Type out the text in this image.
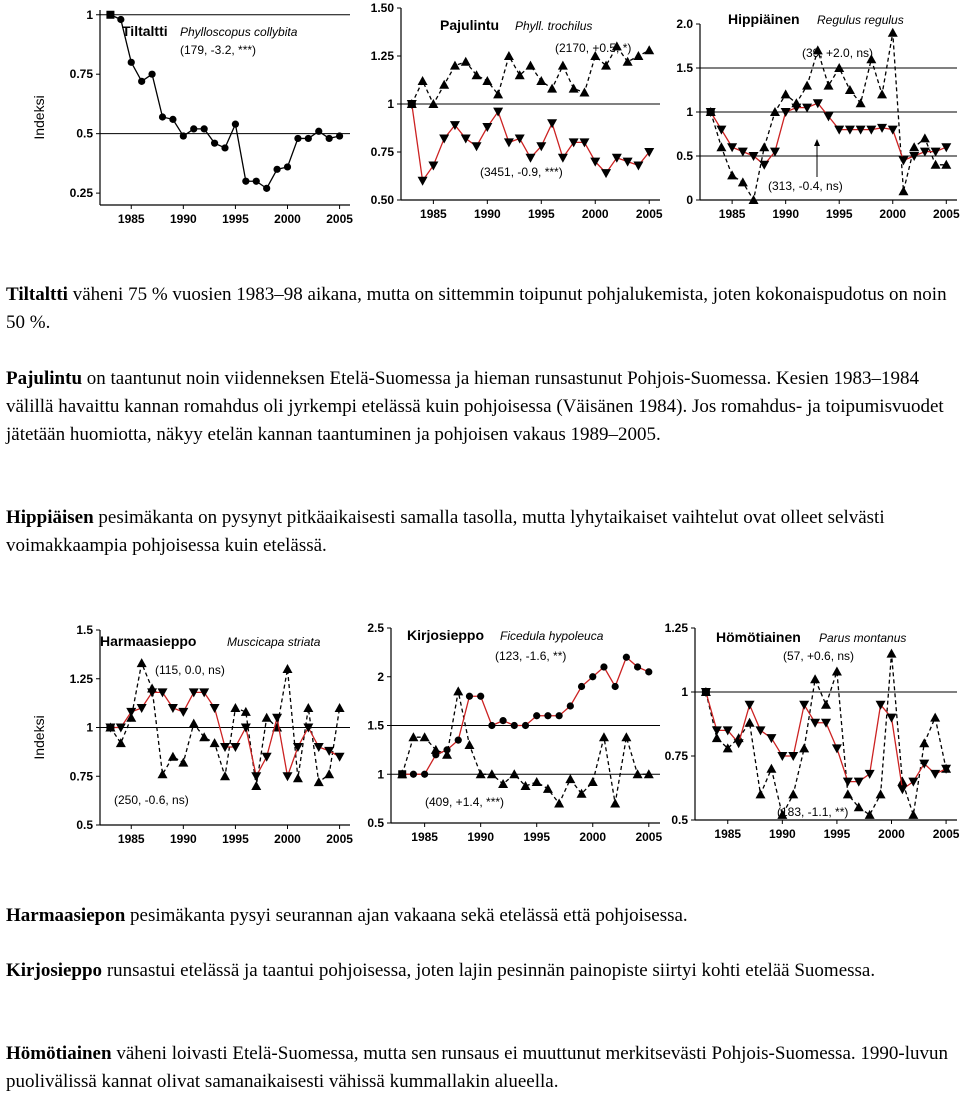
1
0.75
0.5
0.25
1985 1990 1995 2000 2005
Indeksi
Tiltaltti Phylloscopus collybita
(179, -3.2, ***)
1.50
1.25
1
0.75
0.50
1985 1990 1995 2000 2005
Pajulintu Phyll. trochilus
(2170, +0.5, *)
(3451, -0.9, ***)
2.0
1.5
1
0.5
0
1985 1990 1995 2000 2005
Hippiäinen Regulus regulus
(39, +2.0, ns)
(313, -0.4, ns)

Tiltaltti väheni 75 % vuosien 1983–98 aikana, mutta on sittemmin toipunut pohjalukemista, joten kokonaispudotus on noin 50 %.

Pajulintu on taantunut noin viidenneksen Etelä-Suomessa ja hieman runsastunut Pohjois-Suomessa. Kesien 1983–1984 välillä havaittu kannan romahdus oli jyrkempi etelässä kuin pohjoisessa (Väisänen 1984). Jos romahdus- ja toipumisvuodet jätetään huomiotta, näkyy etelän kannan taantuminen ja pohjoisen vakaus 1989–2005.

Hippiäisen pesimäkanta on pysynyt pitkäaikaisesti samalla tasolla, mutta lyhytaikaiset vaihtelut ovat olleet selvästi voimakkaampia pohjoisessa kuin etelässä.

1.5
1.25
1
0.75
0.5
1985 1990 1995 2000 2005
Indeksi
Harmaasieppo	Muscicapa striata
(115, 0.0, ns)
(250, -0.6, ns)
2.5
2
1.5
1
0.5
1985 1990 1995 2000 2005
Kirjosieppo Ficedula hypoleuca
(123, -1.6, **)
(409, +1.4, ***)
1.25
1
0.75
0.5
1985 1990 1995 2000 2005
Hömötiainen Parus montanus
(57, +0.6, ns)
(183, -1.1, **)

Harmaasiepon pesimäkanta pysyi seurannan ajan vakaana sekä etelässä että pohjoisessa.

Kirjosieppo runsastui etelässä ja taantui pohjoisessa, joten lajin pesinnän painopiste siirtyi kohti etelää Suomessa.

Hömötiainen väheni loivasti Etelä-Suomessa, mutta sen runsaus ei muuttunut merkitsevästi Pohjois-Suomessa. 1990-luvun puolivälissä kannat olivat samanaikaisesti vähissä kummallakin alueella.
